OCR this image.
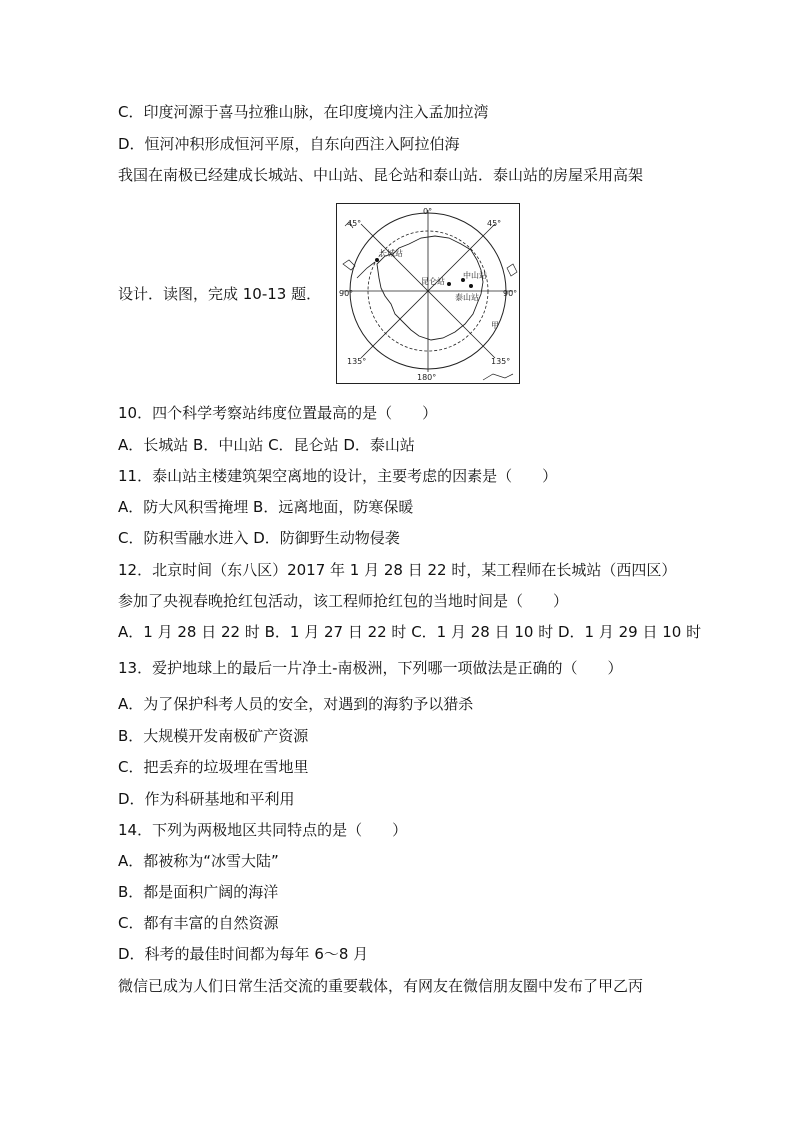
C．印度河源于喜马拉雅山脉，在印度境内注入孟加拉湾
D．恒河冲积形成恒河平原，自东向西注入阿拉伯海
我国在南极已经建成长城站、中山站、昆仑站和泰山站．泰山站的房屋采用高架
10．四个科学考察站纬度位置最高的是（　　）
A．长城站 B．中山站 C．昆仑站 D．泰山站
11．泰山站主楼建筑架空离地的设计，主要考虑的因素是（　　）
A．防大风积雪掩埋 B．远离地面，防寒保暖
C．防积雪融水进入 D．防御野生动物侵袭
12．北京时间（东八区）2017 年 1 月 28 日 22 时，某工程师在长城站（西四区）
参加了央视春晚抢红包活动，该工程师抢红包的当地时间是（　　）
A．1 月 28 日 22 时 B．1 月 27 日 22 时 C．1 月 28 日 10 时 D．1 月 29 日 10 时
13．爱护地球上的最后一片净土-南极洲，下列哪一项做法是正确的（　　）
A．为了保护科考人员的安全，对遇到的海豹予以猎杀
B．大规模开发南极矿产资源
C．把丢弃的垃圾埋在雪地里
D．作为科研基地和平利用
14．下列为两极地区共同特点的是（　　）
A．都被称为“冰雪大陆”
B．都是面积广阔的海洋
C．都有丰富的自然资源
D．科考的最佳时间都为每年 6～8 月
微信已成为人们日常生活交流的重要载体，有网友在微信朋友圈中发布了甲乙丙
设计．读图，完成 10-13 题．
0°
45°	45°
90°	90°
135°	135°
180°
长城站
昆仑站
中山站
泰山站
甲
